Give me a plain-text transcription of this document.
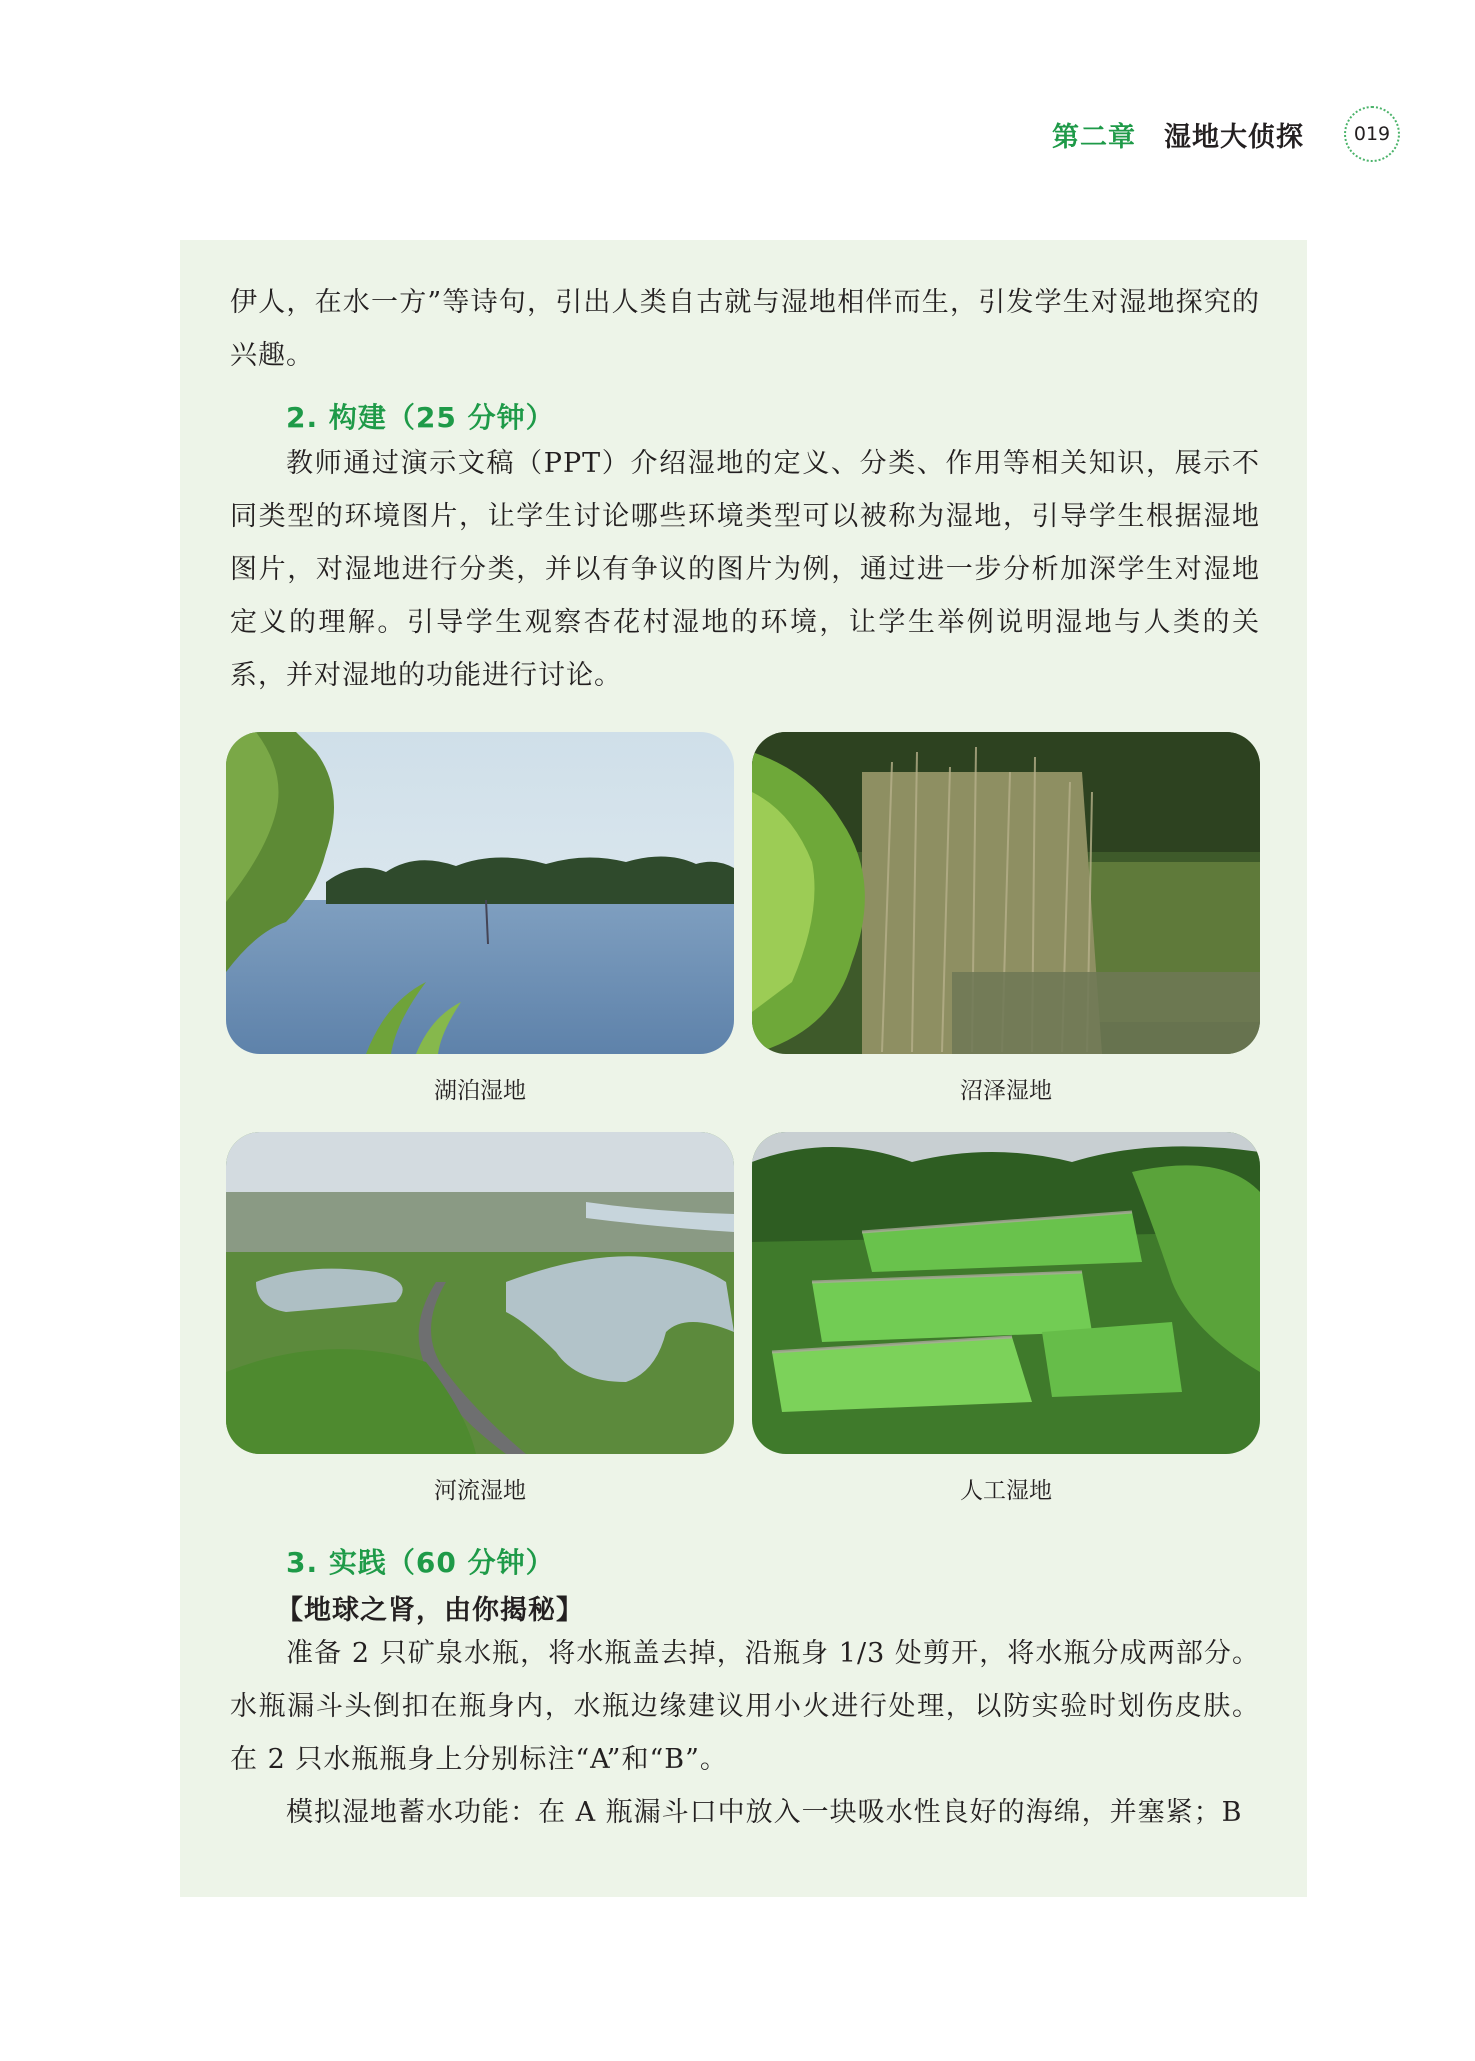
第二章 湿地大侦探	019

伊人，在水一方”等诗句，引出人类自古就与湿地相伴而生，引发学生对湿地探究的兴趣。

2. 构建（25 分钟）

教师通过演示文稿（PPT）介绍湿地的定义、分类、作用等相关知识，展示不同类型的环境图片，让学生讨论哪些环境类型可以被称为湿地，引导学生根据湿地图片，对湿地进行分类，并以有争议的图片为例，通过进一步分析加深学生对湿地定义的理解。引导学生观察杏花村湿地的环境，让学生举例说明湿地与人类的关系，并对湿地的功能进行讨论。

湖泊湿地	沼泽湿地
河流湿地	人工湿地
3. 实践（60 分钟）
【地球之肾，由你揭秘】

准备 2 只矿泉水瓶，将水瓶盖去掉，沿瓶身 1/3 处剪开，将水瓶分成两部分。水瓶漏斗头倒扣在瓶身内，水瓶边缘建议用小火进行处理，以防实验时划伤皮肤。在 2 只水瓶瓶身上分别标注“A”和“B”。

模拟湿地蓄水功能：在 A 瓶漏斗口中放入一块吸水性良好的海绵，并塞紧；B
